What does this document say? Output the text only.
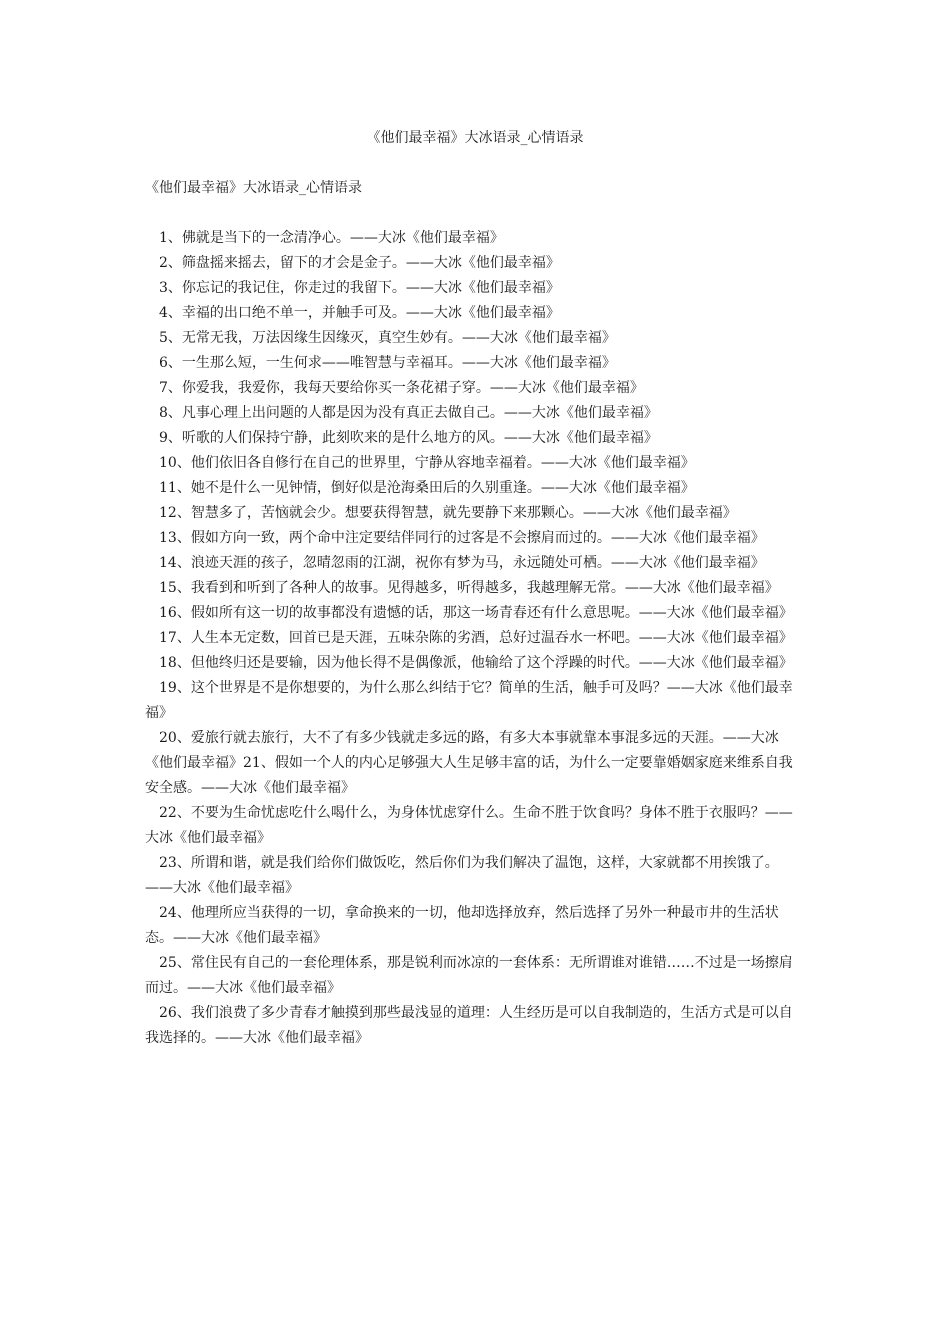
《他们最幸福》大冰语录_心情语录

《他们最幸福》大冰语录_心情语录

1、佛就是当下的一念清净心。——大冰《他们最幸福》
2、筛盘摇来摇去，留下的才会是金子。——大冰《他们最幸福》
3、你忘记的我记住，你走过的我留下。——大冰《他们最幸福》
4、幸福的出口绝不单一，并触手可及。——大冰《他们最幸福》
5、无常无我，万法因缘生因缘灭，真空生妙有。——大冰《他们最幸福》
6、一生那么短，一生何求——唯智慧与幸福耳。——大冰《他们最幸福》
7、你爱我，我爱你，我每天要给你买一条花裙子穿。——大冰《他们最幸福》
8、凡事心理上出问题的人都是因为没有真正去做自己。——大冰《他们最幸福》
9、听歌的人们保持宁静，此刻吹来的是什么地方的风。——大冰《他们最幸福》
10、他们依旧各自修行在自己的世界里，宁静从容地幸福着。——大冰《他们最幸福》
11、她不是什么一见钟情，倒好似是沧海桑田后的久别重逢。——大冰《他们最幸福》
12、智慧多了，苦恼就会少。想要获得智慧，就先要静下来那颗心。——大冰《他们最幸福》
13、假如方向一致，两个命中注定要结伴同行的过客是不会擦肩而过的。——大冰《他们最幸福》
14、浪迹天涯的孩子，忽晴忽雨的江湖，祝你有梦为马，永远随处可栖。——大冰《他们最幸福》
15、我看到和听到了各种人的故事。见得越多，听得越多，我越理解无常。——大冰《他们最幸福》
16、假如所有这一切的故事都没有遗憾的话，那这一场青春还有什么意思呢。——大冰《他们最幸福》
17、人生本无定数，回首已是天涯，五味杂陈的劣酒，总好过温吞水一杯吧。——大冰《他们最幸福》
18、但他终归还是要输，因为他长得不是偶像派，他输给了这个浮躁的时代。——大冰《他们最幸福》
19、这个世界是不是你想要的，为什么那么纠结于它？简单的生活，触手可及吗？——大冰《他们最幸福》
20、爱旅行就去旅行，大不了有多少钱就走多远的路，有多大本事就靠本事混多远的天涯。——大冰《他们最幸福》21、假如一个人的内心足够强大人生足够丰富的话，为什么一定要靠婚姻家庭来维系自我安全感。——大冰《他们最幸福》
22、不要为生命忧虑吃什么喝什么，为身体忧虑穿什么。生命不胜于饮食吗？身体不胜于衣服吗？——大冰《他们最幸福》
23、所谓和谐，就是我们给你们做饭吃，然后你们为我们解决了温饱，这样，大家就都不用挨饿了。——大冰《他们最幸福》
24、他理所应当获得的一切，拿命换来的一切，他却选择放弃，然后选择了另外一种最市井的生活状态。——大冰《他们最幸福》
25、常住民有自己的一套伦理体系，那是锐利而冰凉的一套体系：无所谓谁对谁错……不过是一场擦肩而过。——大冰《他们最幸福》
26、我们浪费了多少青春才触摸到那些最浅显的道理：人生经历是可以自我制造的，生活方式是可以自我选择的。——大冰《他们最幸福》
